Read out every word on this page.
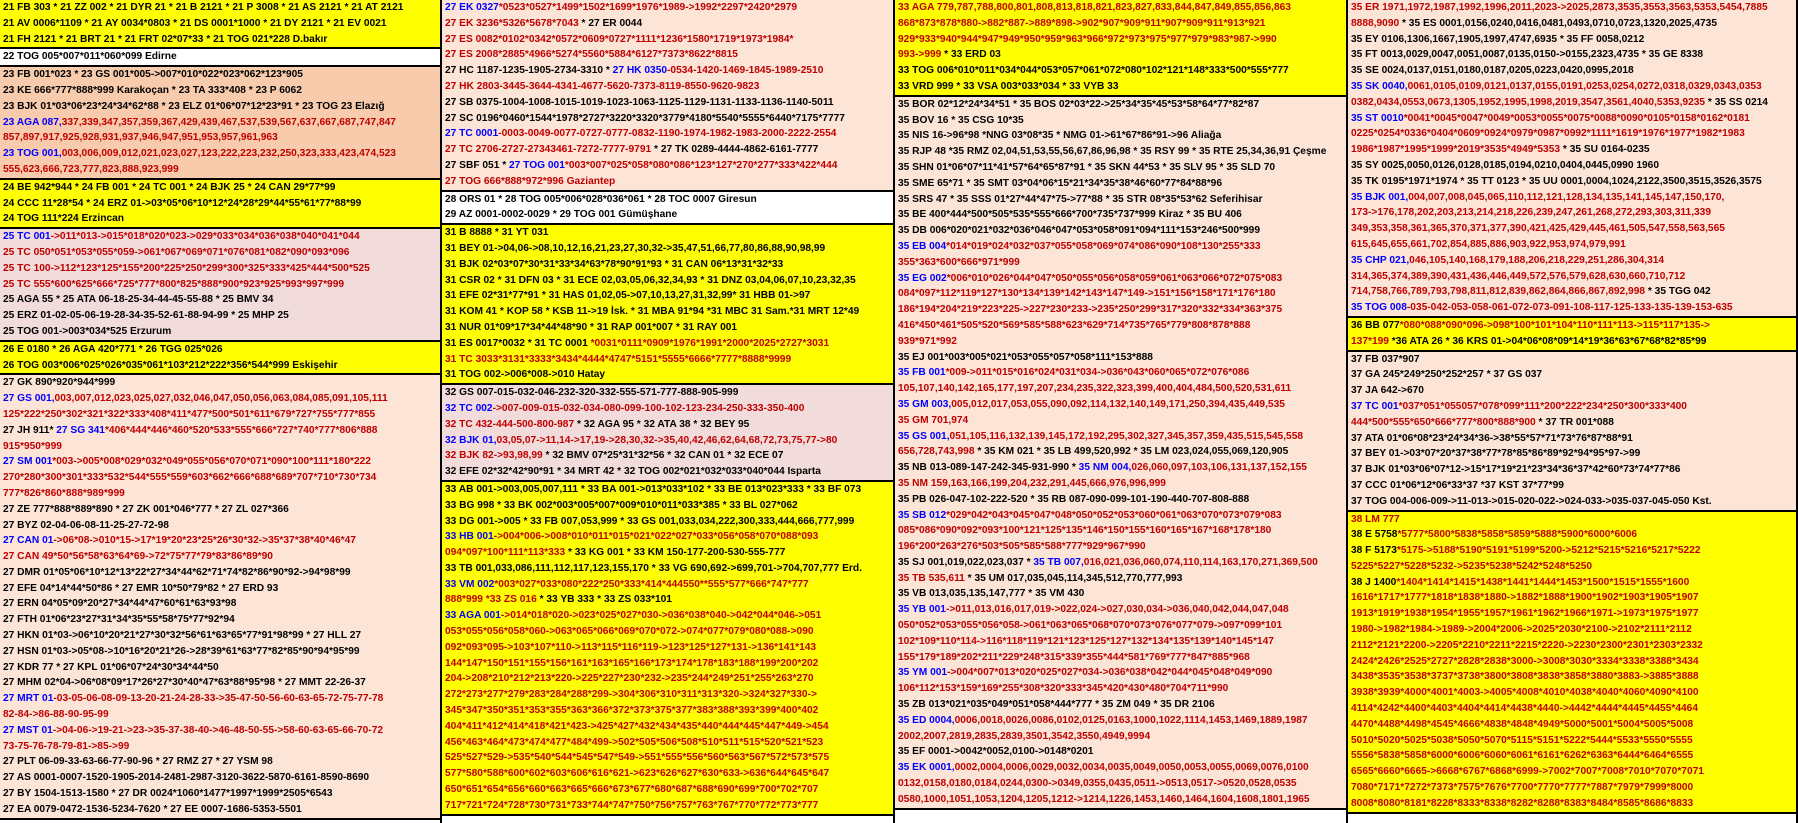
21 FB 303 * 21 ZZ 002 * 21 DYR 21 * 21 B 2121 * 21 P 3008 * 21 AS 2121 * 21 AT 2121
21 AV 0006*1109 * 21 AY 0034*0803 * 21 DS 0001*1000 * 21 DY 2121 * 21 EV 0021
21 FH 2121 * 21 BRT 21 * 21 FRT 02*07*33 * 21 TOG 021*228 D.bakır
22 TOG 005*007*011*060*099 Edirne
23 FB 001*023 * 23 GS 001*005->007*010*022*023*062*123*905
23 KE 666*777*888*999 Karakoçan * 23 TA 333*408 * 23 P 6062
23 BJK 01*03*06*23*24*34*62*88 * 23 ELZ 01*06*07*12*23*91 * 23 TOG 23 Elazığ
23 AGA 087,337,339,347,357,359,367,429,439,467,537,539,567,637,667,687,747,847
857,897,917,925,928,931,937,946,947,951,953,957,961,963
23 TOG 001,003,006,009,012,021,023,027,123,222,223,232,250,323,333,423,474,523
555,623,666,723,777,823,888,923,999
24 BE 942*944 * 24 FB 001 * 24 TC 001 * 24 BJK 25 * 24 CAN 29*77*99
24 CCC 11*28*54 * 24 ERZ 01->03*05*06*10*12*24*28*29*44*55*61*77*88*99
24 TOG 111*224 Erzincan
25 TC 001->011*013->015*018*020*023->029*033*034*036*038*040*041*044
25 TC 050*051*053*055*059->061*067*069*071*076*081*082*090*093*096
25 TC 100->112*123*125*155*200*225*250*299*300*325*333*425*444*500*525
25 TC 555*600*625*666*725*777*800*825*888*900*923*925*993*997*999
25 AGA 55 * 25 ATA 06-18-25-34-44-45-55-88 * 25 BMV 34
25 ERZ 01-02-05-06-19-28-34-35-52-61-88-94-99 * 25 MHP 25
25 TOG 001->003*034*525 Erzurum
26 E 0180 * 26 AGA 420*771 * 26 TGG 025*026
26 TOG 003*006*025*026*035*061*103*212*222*356*544*999 Eskişehir
27 GK 890*920*944*999
27 GS 001,003,007,012,023,025,027,032,046,047,050,056,063,084,085,091,105,111
125*222*250*302*321*322*333*408*411*477*500*501*611*679*727*755*777*855
27 JH 911* 27 SG 341*406*444*446*460*520*533*555*666*727*740*777*806*888
915*950*999
27 SM 001*003->005*008*029*032*049*055*056*070*071*090*100*111*180*222
270*280*300*301*333*532*544*555*559*603*662*666*688*689*707*710*730*734
777*826*860*888*989*999
27 ZE 777*888*889*890 * 27 ZK 001*046*777 * 27 ZL 027*366
27 BYZ 02-04-06-08-11-25-27-72-98
27 CAN 01->06*08->010*15->17*19*20*23*25*26*30*32->35*37*38*40*46*47
27 CAN 49*50*56*58*63*64*69->72*75*77*79*83*86*89*90
27 DMR 01*05*06*10*12*13*22*27*34*44*62*71*74*82*86*90*92->94*98*99
27 EFE 04*14*44*50*86 * 27 EMR 10*50*79*82 * 27 ERD 93
27 ERN 04*05*09*20*27*34*44*47*60*61*63*93*98
27 FTH 01*06*23*27*31*34*35*55*58*75*77*92*94
27 HKN 01*03->06*10*20*21*27*30*32*56*61*63*65*77*91*98*99 * 27 HLL 27
27 HSN 01*03->05*08->10*16*20*21*26->28*39*61*63*77*82*85*90*94*95*99
27 KDR 77 * 27 KPL 01*06*07*24*30*34*44*50
27 MHM 02*04->06*08*09*17*26*27*30*40*47*63*88*95*98 * 27 MMT 22-26-37
27 MRT 01-03-05-06-08-09-13-20-21-24-28-33->35-47-50-56-60-63-65-72-75-77-78
82-84->86-88-90-95-99
27 MST 01->04-06->19-21->23->35-37-38-40->46-48-50-55->58-60-63-65-66-70-72
73-75-76-78-79-81->85->99
27 PLT 06-09-33-63-66-77-90-96 * 27 RMZ 27 * 27 YSM 98
27 AS 0001-0007-1520-1905-2014-2481-2987-3120-3622-5870-6161-8590-8690
27 BY 1504-1513-1580 * 27 DR 0024*1060*1477*1997*1999*2505*6543
27 EA 0079-0472-1536-5234-7620 * 27 EE 0007-1686-5353-5501
27 EK 0327*0523*0527*1499*1502*1699*1976*1989->1992*2297*2420*2979
27 EK 3236*5326*5678*7043 * 27 ER 0044
27 ES 0082*0102*0342*0572*0609*0727*1111*1236*1580*1719*1973*1984*
27 ES 2008*2885*4966*5274*5560*5884*6127*7373*8622*8815
27 HC 1187-1235-1905-2734-3310 * 27 HK 0350-0534-1420-1469-1845-1989-2510
27 HK 2803-3445-3644-4341-4677-5620-7373-8119-8550-9620-9823
27 SB 0375-1004-1008-1015-1019-1023-1063-1125-1129-1131-1133-1136-1140-5011
27 SC 0196*0460*1544*1978*2727*3220*3320*3779*4180*5540*5555*6440*7175*7777
27 TC 0001-0003-0049-0077-0727-0777-0832-1190-1974-1982-1983-2000-2222-2554
27 TC 2706-2727-27343461-7272-7777-9791 * 27 TK 0289-4444-4862-6161-7777
27 SBF 051 * 27 TOG 001*003*007*025*058*080*086*123*127*270*277*333*422*444
27 TOG 666*888*972*996 Gaziantep
28 ORS 01 * 28 TOG 005*006*028*036*061 * 28 TOC 0007 Giresun
29 AZ 0001-0002-0029 * 29 TOG 001 Gümüşhane
31 B 8888 * 31 YT 031
31 BEY 01->04,06->08,10,12,16,21,23,27,30,32->35,47,51,66,77,80,86,88,90,98,99
31 BJK 02*03*07*30*31*33*34*63*78*90*91*93 * 31 CAN 06*13*31*32*33
31 CSR 02 * 31 DFN 03 * 31 ECE 02,03,05,06,32,34,93 * 31 DNZ 03,04,06,07,10,23,32,35
31 EFE 02*31*77*91 * 31 HAS 01,02,05->07,10,13,27,31,32,99* 31 HBB 01->97
31 KOM 41 * KOP 58 * KSB 11->19 İsk. * 31 MBA 91*94 *31 MBC 31 Sam.*31 MRT 12*49
31 NUR 01*09*17*34*44*48*90 * 31 RAP 001*007 * 31 RAY 001
31 ES 0017*0032 * 31 TC 0001 *0031*0111*0909*1976*1991*2000*2025*2727*3031
31 TC 3033*3131*3333*3434*4444*4747*5151*5555*6666*7777*8888*9999
31 TOG 002->006*008->010 Hatay
32 GS 007-015-032-046-232-320-332-555-571-777-888-905-999
32 TC 002->007-009-015-032-034-080-099-100-102-123-234-250-333-350-400
32 TC 432-444-500-800-987 * 32 AGA 95 * 32 ATA 38 * 32 BEY 95
32 BJK 01,03,05,07->11,14->17,19->28,30,32->35,40,42,46,62,64,68,72,73,75,77->80
32 BJK 82->93,98,99 * 32 BMV 07*25*31*32*56 * 32 CAN 01 * 32 ECE 07
32 EFE 02*32*42*90*91 * 34 MRT 42 * 32 TOG 002*021*032*033*040*044 Isparta
33 AB 001->003,005,007,111 * 33 BA 001->013*033*102 * 33 BE 013*023*333 * 33 BF 073
33 BG 998 * 33 BK 002*003*005*007*009*010*011*033*385 * 33 BL 027*062
33 DG 001->005 * 33 FB 007,053,999 * 33 GS 001,033,034,222,300,333,444,666,777,999
33 HB 001->004*006->008*010*011*015*021*022*027*033*056*058*070*088*093
094*097*100*111*113*333 * 33 KG 001 * 33 KM 150-177-200-530-555-777
33 TB 001,033,086,111,112,117,123,155,170 * 33 VG 690,692->699,701->704,707,777 Erd.
33 VM 002*003*027*033*080*222*250*333*414*444550**555*577*666*747*777
888*999 *33 ZS 016 * 33 YB 333 * 33 ZS 033*101
33 AGA 001->014*018*020->023*025*027*030->036*038*040->042*044*046->051
053*055*056*058*060->063*065*066*069*070*072->074*077*079*080*088->090
092*093*095->103*107*110->113*115*116*119->123*125*127*131->136*141*143
144*147*150*151*155*156*161*163*165*166*173*174*178*183*188*199*200*202
204->208*210*212*213*220->225*227*230*232->235*244*249*251*255*263*270
272*273*277*279*283*284*288*299->304*306*310*311*313*320->324*327*330->
345*347*350*351*353*355*363*366*372*373*375*377*383*388*393*399*400*402
404*411*412*414*418*421*423->425*427*432*434*435*440*444*445*447*449->454
456*463*464*473*474*477*484*499->502*505*506*508*510*511*515*520*521*523
525*527*529->535*540*544*545*547*549->551*555*556*560*563*567*572*573*575
577*580*588*600*602*603*606*616*621->623*626*627*630*633->636*644*645*647
650*651*654*656*660*663*665*666*673*677*680*687*688*690*699*700*702*707
717*721*724*728*730*731*733*744*747*750*756*757*763*767*770*772*773*777
33 AGA 779,787,788,800,801,808,813,818,821,823,827,833,844,847,849,855,856,863
868*873*878*880->882*887->889*898->902*907*909*911*907*909*911*913*921
929*933*940*944*947*949*950*959*963*966*972*973*975*977*979*983*987->990
993->999 * 33 ERD 03
33 TOG 006*010*011*034*044*053*057*061*072*080*102*121*148*333*500*555*777
33 VRD 999 * 33 VSA 003*033*034 * 33 VYB 33
35 BOR 02*12*24*34*51 * 35 BOS 02*03*22->25*34*35*45*53*58*64*77*82*87
35 BOV 16 * 35 CSG 10*35
35 NIS 16->96*98 *NNG 03*08*35 * NMG 01->61*67*86*91->96 Aliağa
35 RJP 48 *35 RMZ 02,04,51,53,55,56,67,86,96,98 * 35 RSY 99 * 35 RTE 25,34,36,91 Çeşme
35 SHN 01*06*07*11*41*57*64*65*87*91 * 35 SKN 44*53 * 35 SLV 95 * 35 SLD 70
35 SME 65*71 * 35 SMT 03*04*06*15*21*34*35*38*46*60*77*84*88*96
35 SRS 47 * 35 SSS 01*27*44*47*75->77*88 * 35 STR 08*35*53*62 Seferihisar
35 BE 400*444*500*505*535*555*666*700*735*737*999 Kiraz * 35 BU 406
35 DB 006*020*021*032*036*046*047*053*058*091*094*111*153*246*500*999
35 EB 004*014*019*024*032*037*055*058*069*074*086*090*108*130*255*333
355*363*600*666*971*999
35 EG 002*006*010*026*044*047*050*055*056*058*059*061*063*066*072*075*083
084*097*112*119*127*130*134*139*142*143*147*149->151*156*158*171*176*180
186*194*204*219*223*225->227*230*233->235*250*299*317*320*332*334*363*375
416*450*461*505*520*569*585*588*623*629*714*735*765*779*808*878*888
939*971*992
35 EJ 001*003*005*021*053*055*057*058*111*153*888
35 FB 001*009->011*015*016*024*031*034->036*043*060*065*072*076*086
105,107,140,142,165,177,197,207,234,235,322,323,399,400,404,484,500,520,531,611
35 GM 003,005,012,017,053,055,090,092,114,132,140,149,171,250,394,435,449,535
35 GM 701,974
35 GS 001,051,105,116,132,139,145,172,192,295,302,327,345,357,359,435,515,545,558
656,728,743,998 * 35 KM 021 * 35 LB 499,520,992 * 35 LM 023,024,055,069,120,905
35 NB 013-089-147-242-345-931-990 * 35 NM 004,026,060,097,103,106,131,137,152,155
35 NM 159,163,166,199,204,232,291,445,666,976,996,999
35 PB 026-047-102-222-520 * 35 RB 087-090-099-101-190-440-707-808-888
35 SB 012*029*042*043*045*047*048*050*052*053*060*061*063*070*073*079*083
085*086*090*092*093*100*121*125*135*146*150*155*160*165*167*168*178*180
196*200*263*276*503*505*585*588*777*929*967*990
35 SJ 001,019,022,023,037 * 35 TB 007,016,021,036,060,074,110,114,163,170,271,369,500
35 TB 535,611 * 35 UM 017,035,045,114,345,512,770,777,993
35 VB 013,035,135,147,777 * 35 VM 430
35 YB 001->011,013,016,017,019->022,024->027,030,034->036,040,042,044,047,048
050*052*053*055*056*058->061*063*065*068*070*073*076*077*079->097*099*101
102*109*110*114->116*118*119*121*123*125*127*132*134*135*139*140*145*147
155*179*189*202*211*229*248*315*339*355*444*581*769*777*847*885*968
35 YM 001->004*007*013*020*025*027*034->036*038*042*044*045*048*049*090
106*112*153*159*169*255*308*320*333*345*420*430*480*704*711*990
35 ZB 013*021*035*049*051*058*444*777 * 35 ZM 049 * 35 DR 2106
35 ED 0004,0006,0018,0026,0086,0102,0125,0163,1000,1022,1114,1453,1469,1889,1987
2002,2007,2819,2835,2839,3501,3542,3550,4949,9994
35 EF 0001->0042*0052,0100->0148*0201
35 EK 0001,0002,0004,0006,0029,0032,0034,0035,0049,0050,0053,0055,0069,0076,0100
0132,0158,0180,0184,0244,0300->0349,0355,0435,0511->0513,0517->0520,0528,0535
0580,1000,1051,1053,1204,1205,1212->1214,1226,1453,1460,1464,1604,1608,1801,1965
35 ER 1971,1972,1987,1992,1996,2011,2023->2025,2873,3535,3553,3563,5353,5454,7885
8888,9090 * 35 ES 0001,0156,0240,0416,0481,0493,0710,0723,1320,2025,4735
35 EY 0106,1306,1667,1905,1997,4747,6935 * 35 FF 0058,0212
35 FT 0013,0029,0047,0051,0087,0135,0150->0155,2323,4735 * 35 GE 8338
35 SE 0024,0137,0151,0180,0187,0205,0223,0420,0995,2018
35 SK 0040,0061,0105,0109,0121,0137,0155,0191,0253,0254,0272,0318,0329,0343,0353
0382,0434,0553,0673,1305,1952,1995,1998,2019,3547,3561,4040,5353,9235 * 35 SS 0214
35 ST 0010*0041*0045*0047*0049*0053*0055*0075*0088*0090*0105*0158*0162*0181
0225*0254*0336*0404*0609*0924*0979*0987*0992*1111*1619*1976*1977*1982*1983
1986*1987*1995*1999*2019*3535*4949*5353 * 35 SU 0164-0235
35 SY 0025,0050,0126,0128,0185,0194,0210,0404,0445,0990 1960
35 TK 0195*1971*1974 * 35 TT 0123 * 35 UU 0001,0004,1024,2122,3500,3515,3526,3575
35 BJK 001,004,007,008,045,065,110,112,121,128,134,135,141,145,147,150,170,
173->176,178,202,203,213,214,218,226,239,247,261,268,272,293,303,311,339
349,353,358,361,365,370,371,377,390,421,425,429,445,461,505,547,558,563,565
615,645,655,661,702,854,885,886,903,922,953,974,979,991
35 CHP 021,046,105,140,168,179,188,206,218,229,251,286,304,314
314,365,374,389,390,431,436,446,449,572,576,579,628,630,660,710,712
714,758,766,789,793,798,811,812,839,862,864,866,867,892,998 * 35 TGG 042
35 TOG 008-035-042-053-058-061-072-073-091-108-117-125-133-135-139-153-635
36 BB 077*080*088*090*096->098*100*101*104*110*111*113->115*117*135->
137*199 *36 ATA 26 * 36 KRS 01->04*06*08*09*14*19*36*63*67*68*82*85*99
37 FB 037*907
37 GA 245*249*250*252*257 * 37 GS 037
37 JA 642->670
37 TC 001*037*051*055057*078*099*111*200*222*234*250*300*333*400
444*500*555*650*666*777*800*888*900 * 37 TR 001*088
37 ATA 01*06*08*23*24*34*36->38*55*57*71*73*76*87*88*91
37 BEY 01->03*07*20*37*38*77*78*85*86*89*92*94*95*97->99
37 BJK 01*03*06*07*12->15*17*19*21*23*34*36*37*42*60*73*74*77*86
37 CCC 01*06*12*06*33*37 *37 KST 37*77*99
37 TOG 004-006-009->11-013->015-020-022->024-033->035-037-045-050 Kst.
38 LM 777
38 E 5758*5777*5800*5838*5858*5859*5888*5900*6000*6006
38 F 5173*5175->5188*5190*5191*5199*5200->5212*5215*5216*5217*5222
5225*5227*5228*5232->5235*5238*5242*5248*5250
38 J 1400*1404*1414*1415*1438*1441*1444*1453*1500*1515*1555*1600
1616*1717*1777*1818*1838*1880->1882*1888*1900*1902*1903*1905*1907
1913*1919*1938*1954*1955*1957*1961*1962*1966*1971->1973*1975*1977
1980->1982*1984->1989->2004*2006->2025*2030*2100->2102*2111*2112
2112*2121*2200->2205*2210*2211*2215*2220->2230*2300*2301*2303*2332
2424*2426*2525*2727*2828*2838*3000->3008*3030*3334*3338*3388*3434
3438*3535*3538*3737*3738*3800*3808*3838*3858*3880*3883->3885*3888
3938*3939*4000*4001*4003->4005*4008*4010*4038*4040*4060*4090*4100
4114*4242*4400*4403*4404*4414*4438*4440->4442*4444*4445*4455*4464
4470*4488*4498*4545*4666*4838*4848*4949*5000*5001*5004*5005*5008
5010*5020*5025*5038*5050*5070*5115*5151*5222*5444*5533*5550*5555
5556*5838*5858*6000*6006*6060*6061*6161*6262*6363*6444*6464*6555
6565*6660*6665->6668*6767*6868*6999->7002*7007*7008*7010*7070*7071
7080*7171*7272*7373*7575*7676*7700*7770*7777*7887*7979*7999*8000
8008*8080*8181*8228*8333*8338*8282*8288*8383*8484*8585*8686*8833
